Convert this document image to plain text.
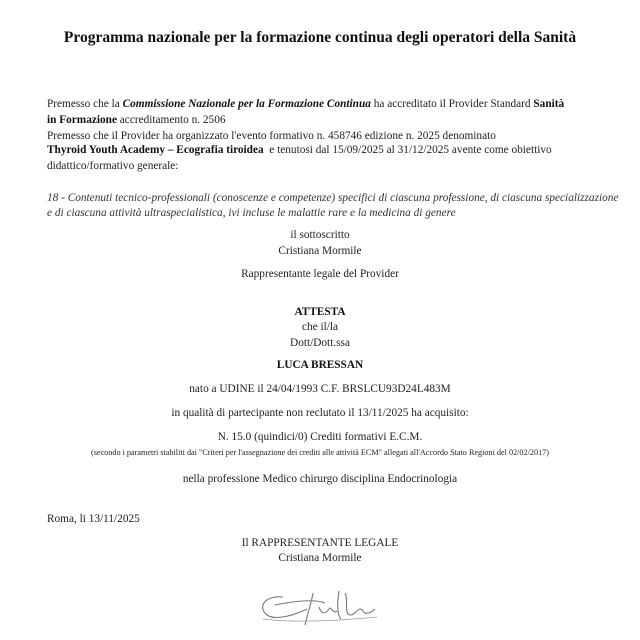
Programma nazionale per la formazione continua degli operatori della Sanità
Premesso che la Commissione Nazionale per la Formazione Continua ha accreditato il Provider Standard Sanità
in Formazione accreditamento n. 2506
Premesso che il Provider ha organizzato l'evento formativo n. 458746 edizione n. 2025 denominato
Thyroid Youth Academy – Ecografia tiroidea  e tenutosi dal 15/09/2025 al 31/12/2025 avente come obiettivo
didattico/formativo generale:
18 - Contenuti tecnico-professionali (conoscenze e competenze) specifici di ciascuna professione, di ciascuna specializzazione
e di ciascuna attività ultraspecialistica, ivi incluse le malattie rare e la medicina di genere
il sottoscritto
Cristiana Mormile
Rappresentante legale del Provider
ATTESTA
che il/la
Dott/Dott.ssa
LUCA BRESSAN
nato a UDINE il 24/04/1993 C.F. BRSLCU93D24L483M
in qualità di partecipante non reclutato il 13/11/2025 ha acquisito:
N. 15.0 (quindici/0) Crediti formativi E.C.M.
(secondo i parametri stabiliti dai "Criteri per l'assegnazione dei crediti alle attività ECM" allegati all'Accordo Stato Regioni del 02/02/2017)
nella professione Medico chirurgo disciplina Endocrinologia
Roma, li 13/11/2025
Il RAPPRESENTANTE LEGALE
Cristiana Mormile
